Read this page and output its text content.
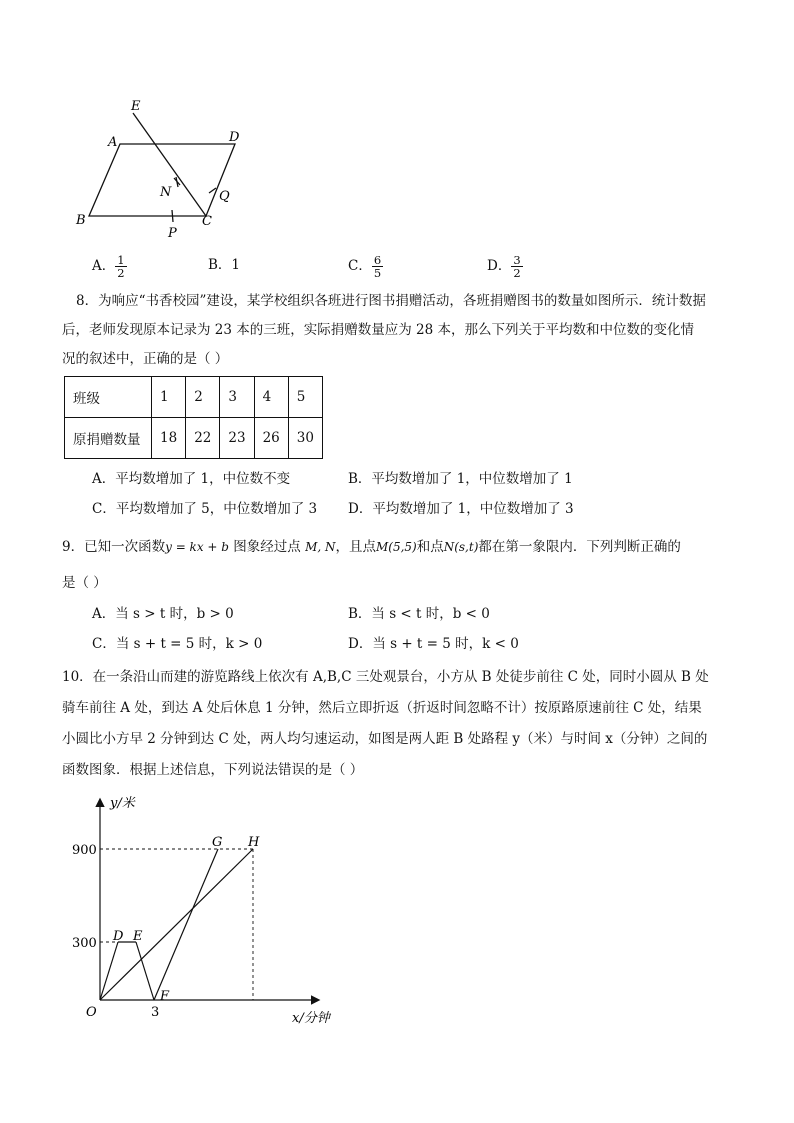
E
A	D
N	Q
B
P
C
A． $\frac{1}{2}$	B．1	C． $\frac{6}{5}$	D． $\frac{3}{2}$
8．为响应“书香校园”建设，某学校组织各班进行图书捐赠活动，各班捐赠图书的数量如图所示．统计数据
后，老师发现原本记录为 23 本的三班，实际捐赠数量应为 28 本，那么下列关于平均数和中位数的变化情
况的叙述中，正确的是（ ）
班级	1	2	3	4	5
原捐赠数量	18	22	23	26	30
A．平均数增加了 1，中位数不变	B．平均数增加了 1，中位数增加了 1
C．平均数增加了 5，中位数增加了 3 D．平均数增加了 1，中位数增加了 3
9．已知一次函数y = kx + b 图象经过点 M, N，且点M(5,5)和点N(s,t)都在第一象限内．下列判断正确的
是（ ）
A．当 s > t 时，b > 0	B．当 s < t 时，b < 0
C．当 s + t = 5 时，k > 0	D．当 s + t = 5 时，k < 0
10．在一条沿山而建的游览路线上依次有 A,B,C 三处观景台，小方从 B 处徒步前往 C 处，同时小圆从 B 处
骑车前往 A 处，到达 A 处后休息 1 分钟，然后立即折返（折返时间忽略不计）按原路原速前往 C 处，结果
小圆比小方早 2 分钟到达 C 处，两人均匀速运动，如图是两人距 B 处路程 y（米）与时间 x（分钟）之间的
函数图象．根据上述信息，下列说法错误的是（ ）
y/米
x/分钟
900
300
3
O
D E
F
G H
